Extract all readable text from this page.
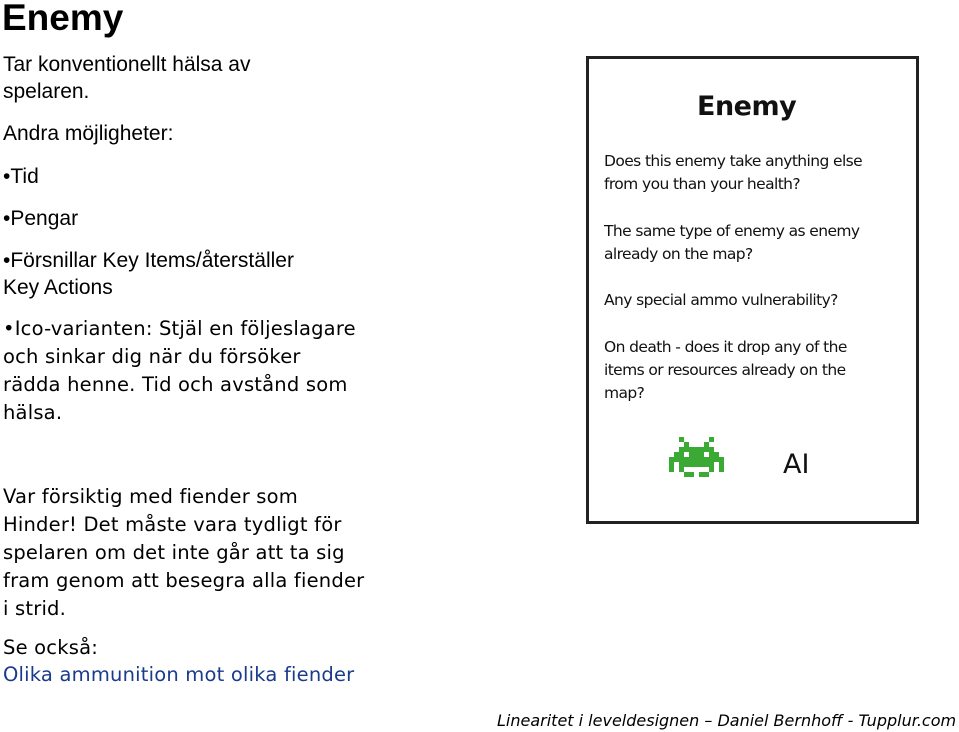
Enemy

Tar konventionellt hälsa av

spelaren.

Andra möjligheter:

• Tid

• Pengar

• Försnillar Key Items/återställer

Key Actions

• Ico-varianten: Stjäl en följeslagare

och sinkar dig när du försöker

rädda henne. Tid och avstånd som

hälsa.

Var försiktig med fiender som

Hinder! Det måste vara tydligt för

spelaren om det inte går att ta sig

fram genom att besegra alla fiender

i strid.

Se också:

Olika ammunition mot olika fiender

Enemy
Does this enemy take anything else
from you than your health?
The same type of enemy as enemy
already on the map?
Any special ammo vulnerability?
On death - does it drop any of the
items or resources already on the
map?

AI

Linearitet i leveldesignen – Daniel Bernhoff - Tupplur.com
